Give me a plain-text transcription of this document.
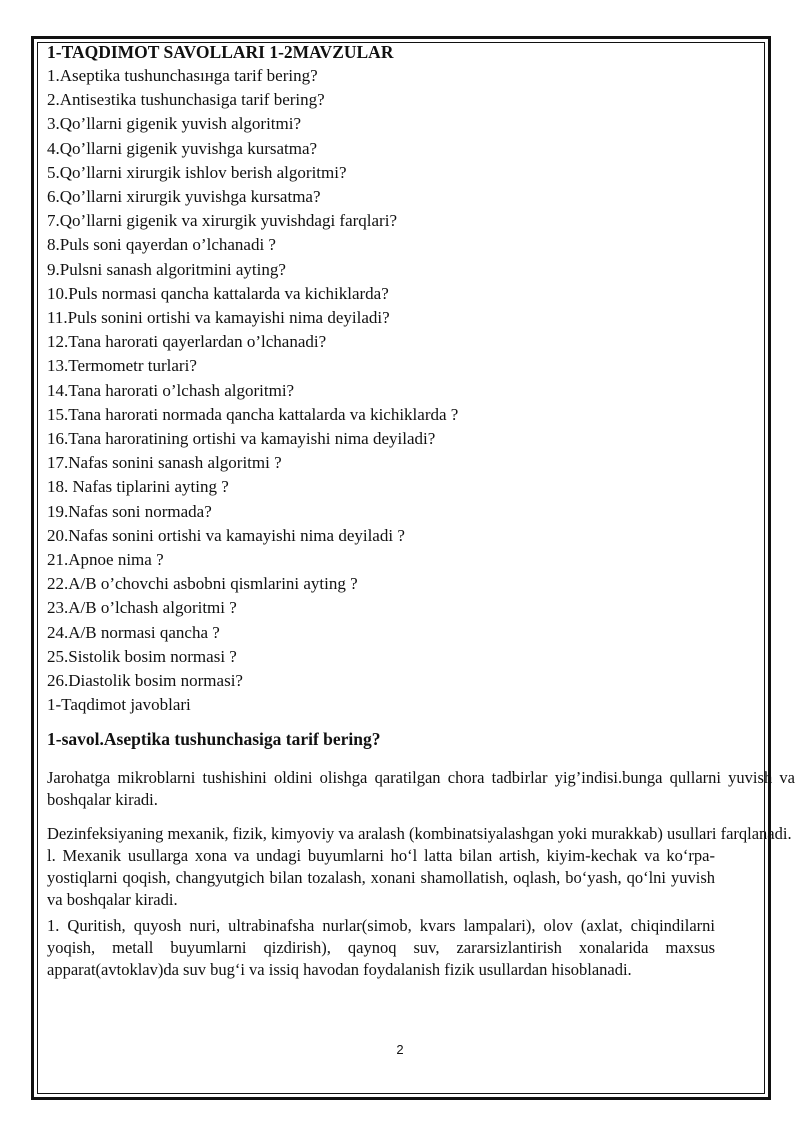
1-TAQDIMOT SAVOLLARI 1-2MAVZULAR
1.Aseptika tushunchasıнga tarif bering?
2.Antiseзtika tushunchasiga tarif bering?
3.Qo’llarni gigenik yuvish algoritmi?
4.Qo’llarni gigenik yuvishga kursatma?
5.Qo’llarni xirurgik ishlov berish algoritmi?
6.Qo’llarni xirurgik yuvishga kursatma?
7.Qo’llarni gigenik va xirurgik yuvishdagi farqlari?
8.Puls soni qayerdan o’lchanadi ?
9.Pulsni sanash algoritmini ayting?
10.Puls normasi qancha kattalarda va kichiklarda?
11.Puls sonini ortishi va kamayishi nima deyiladi?
12.Tana harorati qayerlardan o’lchanadi?
13.Termometr turlari?
14.Tana harorati o’lchash algoritmi?
15.Tana harorati normada qancha kattalarda va kichiklarda ?
16.Tana haroratining ortishi va kamayishi nima deyiladi?
17.Nafas sonini sanash algoritmi ?
18. Nafas tiplarini ayting ?
19.Nafas soni normada?
20.Nafas sonini ortishi va kamayishi nima deyiladi ?
21.Apnoe nima ?
22.A/B o’chovchi asbobni qismlarini ayting ?
23.A/B o’lchash algoritmi ?
24.A/B normasi qancha ?
25.Sistolik bosim normasi ?
26.Diastolik bosim normasi?
1-Taqdimot javoblari
1-savol.Aseptika tushunchasiga tarif bering?

Jarohatga mikroblarni tushishini oldini olishga qaratilgan chora tadbirlar yig’indisi.bunga qullarni yuvish va boshqalar kiradi.

Dezinfeksiyaning mexanik, fizik, kimyoviy va aralash (kombinatsiyalashgan yoki murakkab) usullari farqlanadi.

l. Mexanik usullarga xona va undagi buyumlarni ho‘l latta bilan artish, kiyim-kechak va ko‘rpa-yostiqlarni qoqish, changyutgich bilan tozalash, xonani shamollatish, oqlash, bo‘yash, qo‘lni yuvish va boshqalar kiradi.

1. Quritish, quyosh nuri, ultrabinafsha nurlar(simob, kvars lampalari), olov (axlat, chiqindilarni yoqish, metall buyumlarni qizdirish), qaynoq suv, zararsizlantirish xonalarida maxsus apparat(avtoklav)da suv bug‘i va issiq havodan foydalanish fizik usullardan hisoblanadi.

2
